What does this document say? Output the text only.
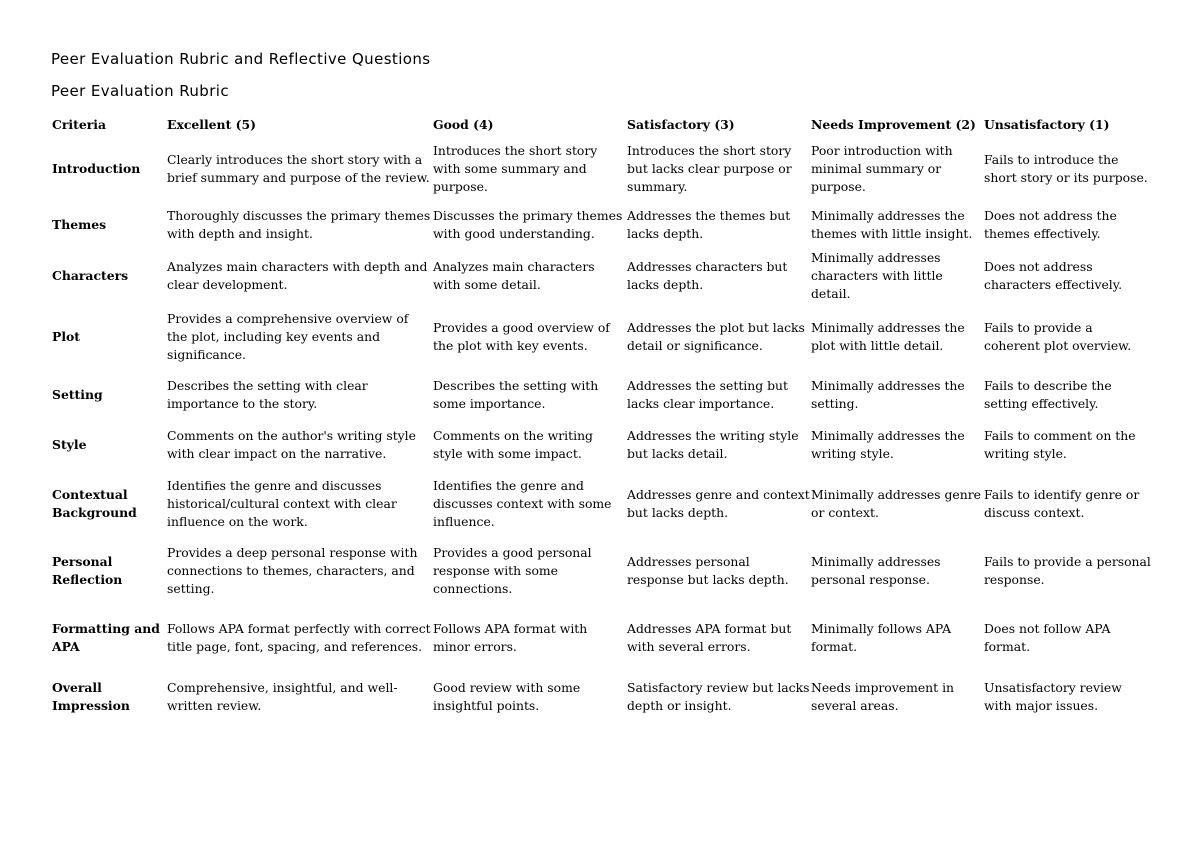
Peer Evaluation Rubric and Reflective Questions
Peer Evaluation Rubric
Criteria	Excellent (5)	Good (4)	Satisfactory (3)	Needs Improvement (2)	Unsatisfactory (1)
Introduction	Clearly introduces the short story with a brief summary and purpose of the review.	Introduces the short story with some summary and purpose.	Introduces the short story but lacks clear purpose or summary.	Poor introduction with minimal summary or purpose.	Fails to introduce the short story or its purpose.
Themes	Thoroughly discusses the primary themes with depth and insight.	Discusses the primary themes with good understanding.	Addresses the themes but lacks depth.	Minimally addresses the themes with little insight.	Does not address the themes effectively.
Characters	Analyzes main characters with depth and clear development.	Analyzes main characters with some detail.	Addresses characters but lacks depth.	Minimally addresses characters with little detail.	Does not address characters effectively.
Plot	Provides a comprehensive overview of the plot, including key events and significance.	Provides a good overview of the plot with key events.	Addresses the plot but lacks detail or significance.	Minimally addresses the plot with little detail.	Fails to provide a coherent plot overview.
Setting	Describes the setting with clear importance to the story.	Describes the setting with some importance.	Addresses the setting but lacks clear importance.	Minimally addresses the setting.	Fails to describe the setting effectively.
Style	Comments on the author's writing style with clear impact on the narrative.	Comments on the writing style with some impact.	Addresses the writing style but lacks detail.	Minimally addresses the writing style.	Fails to comment on the writing style.
Contextual Background	Identifies the genre and discusses historical/cultural context with clear influence on the work.	Identifies the genre and discusses context with some influence.	Addresses genre and context but lacks depth.	Minimally addresses genre or context.	Fails to identify genre or discuss context.
Personal Reflection	Provides a deep personal response with connections to themes, characters, and setting.	Provides a good personal response with some connections.	Addresses personal response but lacks depth.	Minimally addresses personal response.	Fails to provide a personal response.
Formatting and APA	Follows APA format perfectly with correct title page, font, spacing, and references.	Follows APA format with minor errors.	Addresses APA format but with several errors.	Minimally follows APA format.	Does not follow APA format.
Overall Impression	Comprehensive, insightful, and well-written review.	Good review with some insightful points.	Satisfactory review but lacks depth or insight.	Needs improvement in several areas.	Unsatisfactory review with major issues.
